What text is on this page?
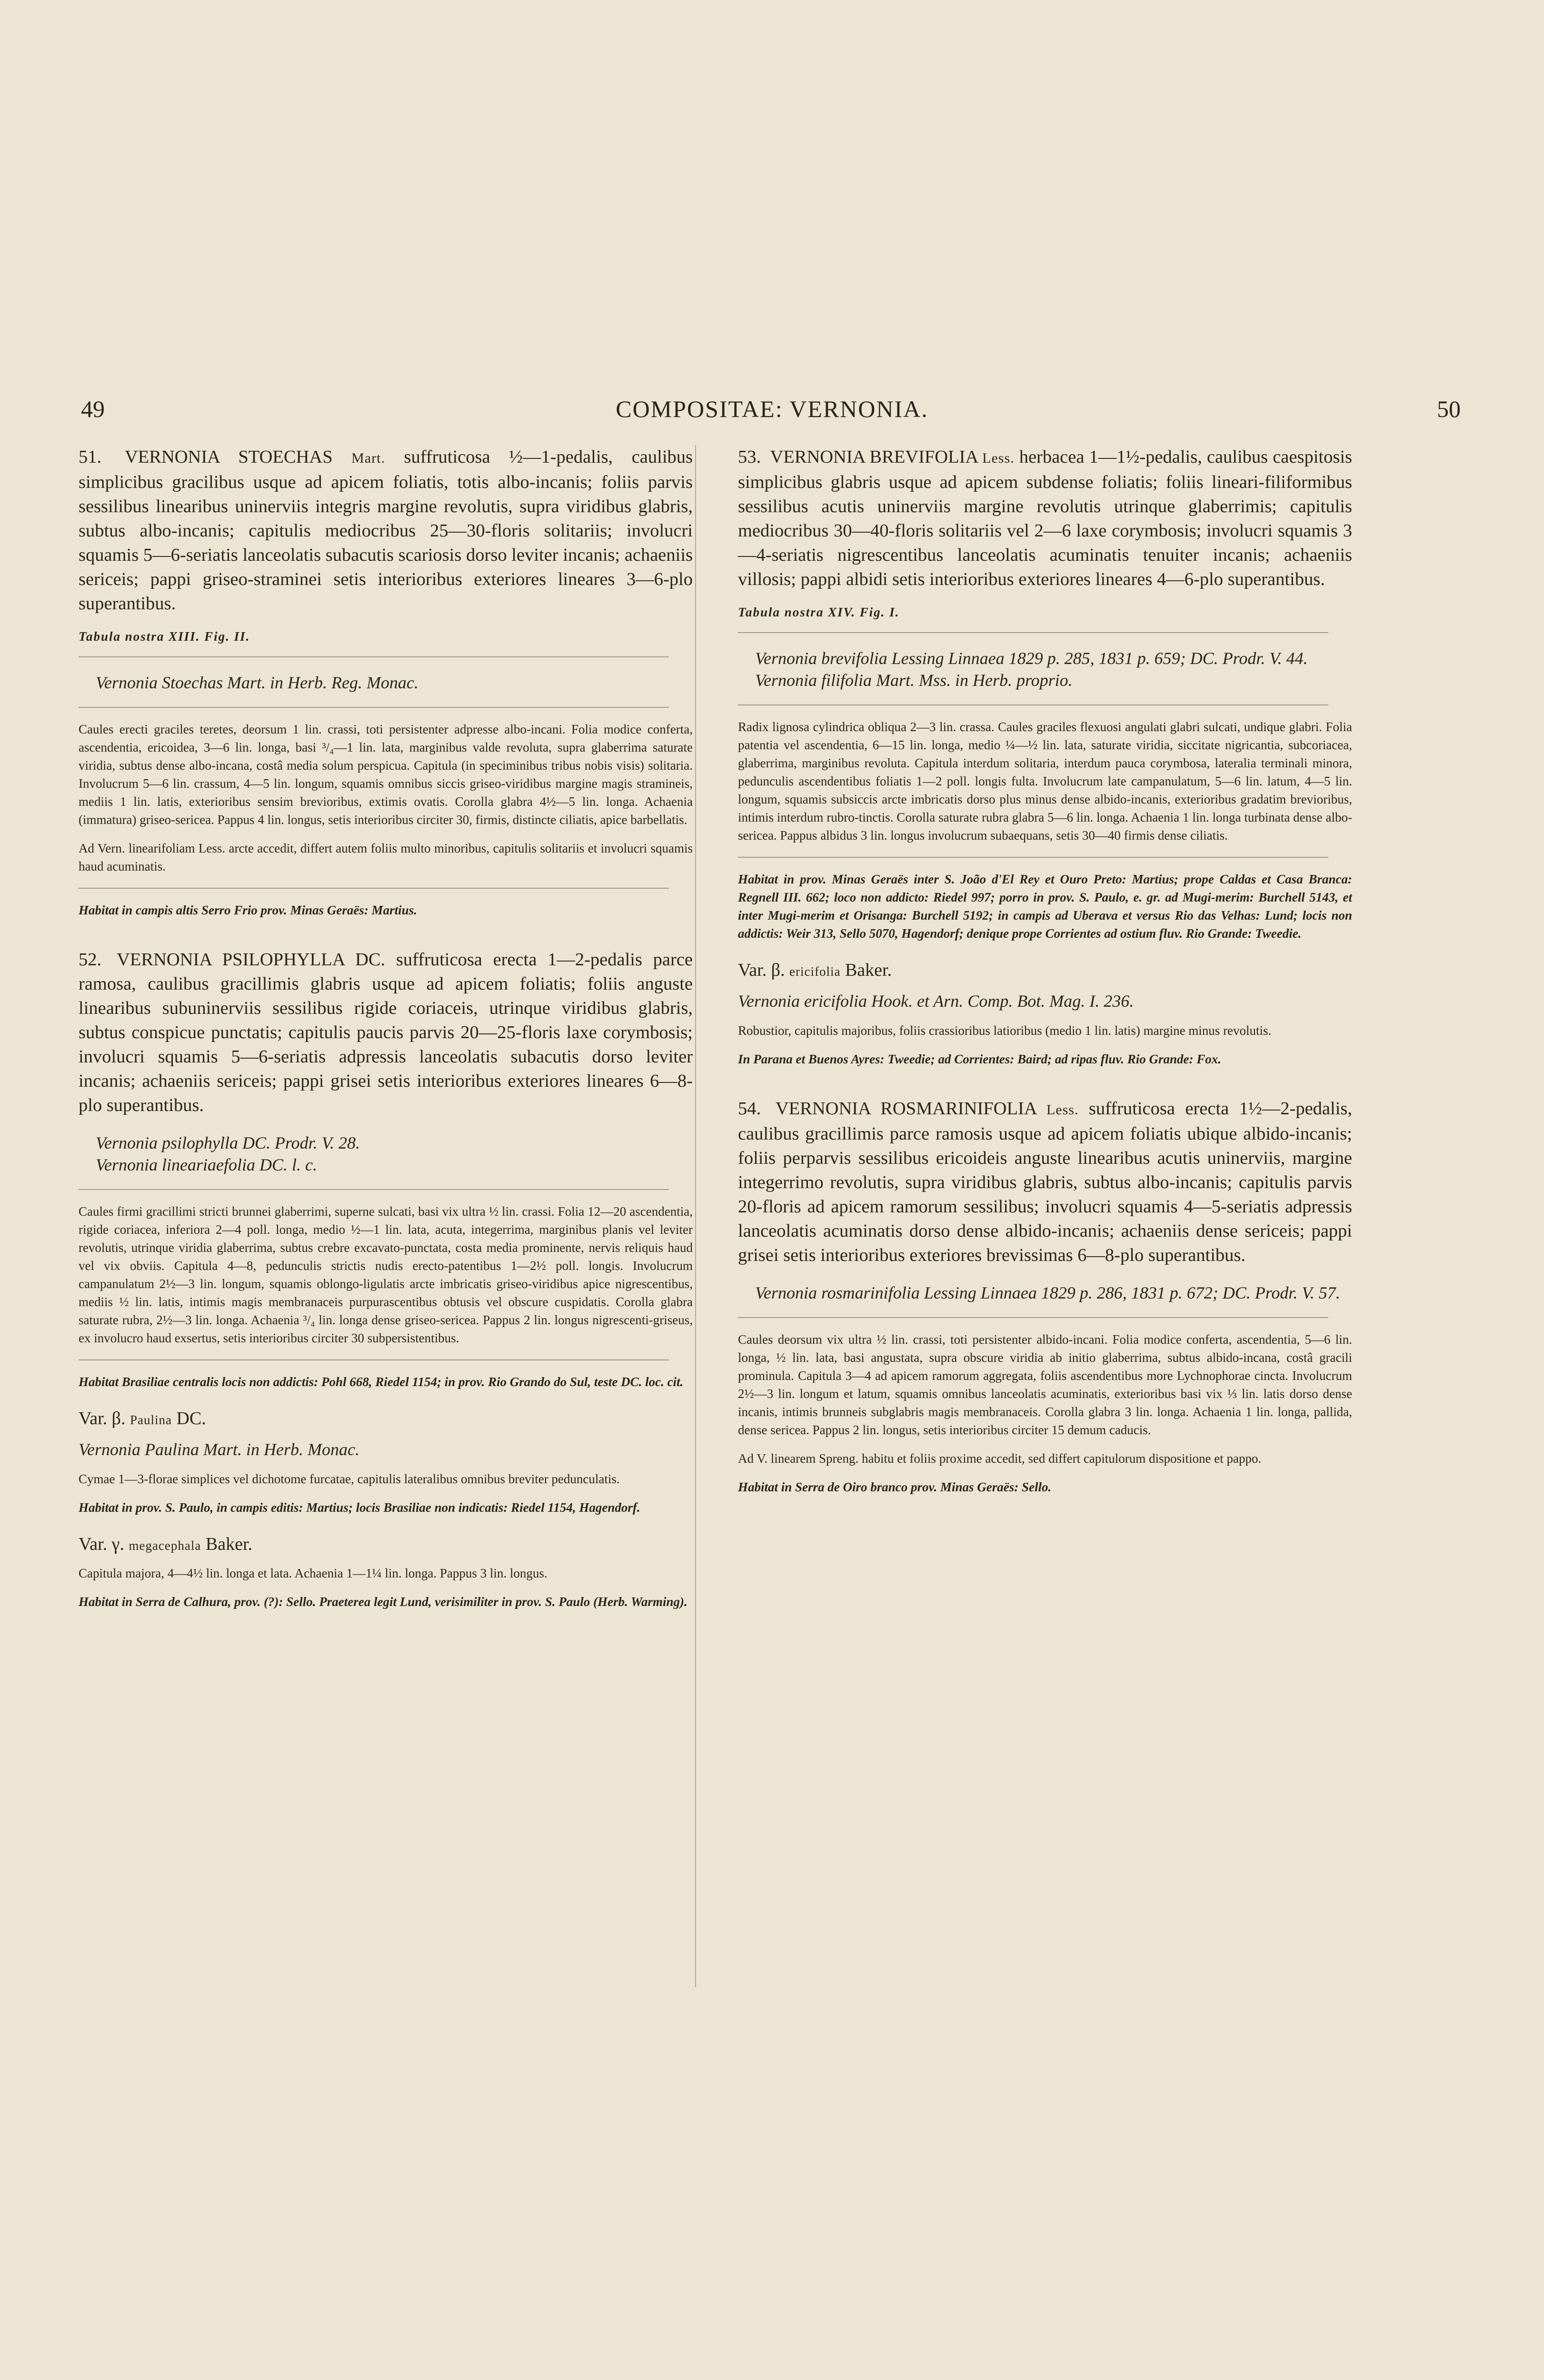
49	COMPOSITAE: VERNONIA.	50

51. VERNONIA STOECHAS Mart. suffruticosa ½—1-pedalis, caulibus simplicibus gracilibus usque ad apicem foliatis, totis albo-incanis; foliis parvis sessilibus linearibus uninerviis integris margine revolutis, supra viridibus glabris, subtus albo-incanis; capitulis mediocribus 25—30-floris solitariis; involucri squamis 5—6-seriatis lanceolatis subacutis scariosis dorso leviter incanis; achaeniis sericeis; pappi griseo-straminei setis interioribus exteriores lineares 3—6-plo superantibus.

Tabula nostra XIII. Fig. II.

Vernonia Stoechas Mart. in Herb. Reg. Monac.

Caules erecti graciles teretes, deorsum 1 lin. crassi, toti persistenter adpresse albo-incani. Folia modice conferta, ascendentia, ericoidea, 3—6 lin. longa, basi ³/₄—1 lin. lata, marginibus valde revoluta, supra glaberrima saturate viridia, subtus dense albo-incana, costâ media solum perspicua. Capitula (in speciminibus tribus nobis visis) solitaria. Involucrum 5—6 lin. crassum, 4—5 lin. longum, squamis omnibus siccis griseo-viridibus margine magis stramineis, mediis 1 lin. latis, exterioribus sensim brevioribus, extimis ovatis. Corolla glabra 4½—5 lin. longa. Achaenia (immatura) griseo-sericea. Pappus 4 lin. longus, setis interioribus circiter 30, firmis, distincte ciliatis, apice barbellatis.

Ad Vern. linearifoliam Less. arcte accedit, differt autem foliis multo minoribus, capitulis solitariis et involucri squamis haud acuminatis.

Habitat in campis altis Serro Frio prov. Minas Geraës: Martius.

52. VERNONIA PSILOPHYLLA DC. suffruticosa erecta 1—2-pedalis parce ramosa, caulibus gracillimis glabris usque ad apicem foliatis; foliis anguste linearibus subuninerviis sessilibus rigide coriaceis, utrinque viridibus glabris, subtus conspicue punctatis; capitulis paucis parvis 20—25-floris laxe corymbosis; involucri squamis 5—6-seriatis adpressis lanceolatis subacutis dorso leviter incanis; achaeniis sericeis; pappi grisei setis interioribus exteriores lineares 6—8-plo superantibus.

Vernonia psilophylla DC. Prodr. V. 28.

Vernonia lineariaefolia DC. l. c.

Caules firmi gracillimi stricti brunnei glaberrimi, superne sulcati, basi vix ultra ½ lin. crassi. Folia 12—20 ascendentia, rigide coriacea, inferiora 2—4 poll. longa, medio ½—1 lin. lata, acuta, integerrima, marginibus planis vel leviter revolutis, utrinque viridia glaberrima, subtus crebre excavato-punctata, costa media prominente, nervis reliquis haud vel vix obviis. Capitula 4—8, pedunculis strictis nudis erecto-patentibus 1—2½ poll. longis. Involucrum campanulatum 2½—3 lin. longum, squamis oblongo-ligulatis arcte imbricatis griseo-viridibus apice nigrescentibus, mediis ½ lin. latis, intimis magis membranaceis purpurascentibus obtusis vel obscure cuspidatis. Corolla glabra saturate rubra, 2½—3 lin. longa. Achaenia ³/₄ lin. longa dense griseo-sericea. Pappus 2 lin. longus nigrescenti-griseus, ex involucro haud exsertus, setis interioribus circiter 30 subpersistentibus.

Habitat Brasiliae centralis locis non addictis: Pohl 668, Riedel 1154; in prov. Rio Grando do Sul, teste DC. loc. cit.

Var. β. Paulina DC.

Vernonia Paulina Mart. in Herb. Monac.

Cymae 1—3-florae simplices vel dichotome furcatae, capitulis lateralibus omnibus breviter pedunculatis.

Habitat in prov. S. Paulo, in campis editis: Martius; locis Brasiliae non indicatis: Riedel 1154, Hagendorf.

Var. γ. megacephala Baker.

Capitula majora, 4—4½ lin. longa et lata. Achaenia 1—1¼ lin. longa. Pappus 3 lin. longus.

Habitat in Serra de Calhura, prov. (?): Sello. Praeterea legit Lund, verisimiliter in prov. S. Paulo (Herb. Warming).

53. VERNONIA BREVIFOLIA Less. herbacea 1—1½-pedalis, caulibus caespitosis simplicibus glabris usque ad apicem subdense foliatis; foliis lineari-filiformibus sessilibus acutis uninerviis margine revolutis utrinque glaberrimis; capitulis mediocribus 30—40-floris solitariis vel 2—6 laxe corymbosis; involucri squamis 3—4-seriatis nigrescentibus lanceolatis acuminatis tenuiter incanis; achaeniis villosis; pappi albidi setis interioribus exteriores lineares 4—6-plo superantibus.

Tabula nostra XIV. Fig. I.

Vernonia brevifolia Lessing Linnaea 1829 p. 285, 1831 p. 659; DC. Prodr. V. 44.

Vernonia filifolia Mart. Mss. in Herb. proprio.

Radix lignosa cylindrica obliqua 2—3 lin. crassa. Caules graciles flexuosi angulati glabri sulcati, undique glabri. Folia patentia vel ascendentia, 6—15 lin. longa, medio ¼—½ lin. lata, saturate viridia, siccitate nigricantia, subcoriacea, glaberrima, marginibus revoluta. Capitula interdum solitaria, interdum pauca corymbosa, lateralia terminali minora, pedunculis ascendentibus foliatis 1—2 poll. longis fulta. Involucrum late campanulatum, 5—6 lin. latum, 4—5 lin. longum, squamis subsiccis arcte imbricatis dorso plus minus dense albido-incanis, exterioribus gradatim brevioribus, intimis interdum rubro-tinctis. Corolla saturate rubra glabra 5—6 lin. longa. Achaenia 1 lin. longa turbinata dense albo-sericea. Pappus albidus 3 lin. longus involucrum subaequans, setis 30—40 firmis dense ciliatis.

Habitat in prov. Minas Geraës inter S. João d'El Rey et Ouro Preto: Martius; prope Caldas et Casa Branca: Regnell III. 662; loco non addicto: Riedel 997; porro in prov. S. Paulo, e. gr. ad Mugi-merim: Burchell 5143, et inter Mugi-merim et Orisanga: Burchell 5192; in campis ad Uberava et versus Rio das Velhas: Lund; locis non addictis: Weir 313, Sello 5070, Hagendorf; denique prope Corrientes ad ostium fluv. Rio Grande: Tweedie.

Var. β. ericifolia Baker.

Vernonia ericifolia Hook. et Arn. Comp. Bot. Mag. I. 236.

Robustior, capitulis majoribus, foliis crassioribus latioribus (medio 1 lin. latis) margine minus revolutis.

In Parana et Buenos Ayres: Tweedie; ad Corrientes: Baird; ad ripas fluv. Rio Grande: Fox.

54. VERNONIA ROSMARINIFOLIA Less. suffruticosa erecta 1½—2-pedalis, caulibus gracillimis parce ramosis usque ad apicem foliatis ubique albido-incanis; foliis perparvis sessilibus ericoideis anguste linearibus acutis uninerviis, margine integerrimo revolutis, supra viridibus glabris, subtus albo-incanis; capitulis parvis 20-floris ad apicem ramorum sessilibus; involucri squamis 4—5-seriatis adpressis lanceolatis acuminatis dorso dense albido-incanis; achaeniis dense sericeis; pappi grisei setis interioribus exteriores brevissimas 6—8-plo superantibus.

Vernonia rosmarinifolia Lessing Linnaea 1829 p. 286, 1831 p. 672; DC. Prodr. V. 57.

Caules deorsum vix ultra ½ lin. crassi, toti persistenter albido-incani. Folia modice conferta, ascendentia, 5—6 lin. longa, ½ lin. lata, basi angustata, supra obscure viridia ab initio glaberrima, subtus albido-incana, costâ gracili prominula. Capitula 3—4 ad apicem ramorum aggregata, foliis ascendentibus more Lychnophorae cincta. Involucrum 2½—3 lin. longum et latum, squamis omnibus lanceolatis acuminatis, exterioribus basi vix ⅓ lin. latis dorso dense incanis, intimis brunneis subglabris magis membranaceis. Corolla glabra 3 lin. longa. Achaenia 1 lin. longa, pallida, dense sericea. Pappus 2 lin. longus, setis interioribus circiter 15 demum caducis.

Ad V. linearem Spreng. habitu et foliis proxime accedit, sed differt capitulorum dispositione et pappo.

Habitat in Serra de Oiro branco prov. Minas Geraës: Sello.
